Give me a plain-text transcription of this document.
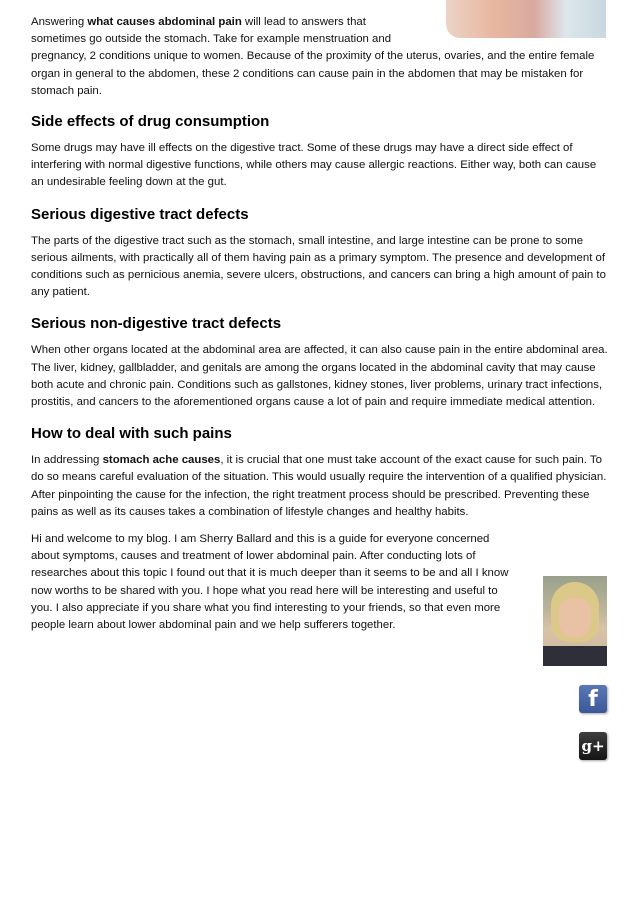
Answering what causes abdominal pain will lead to answers that sometimes go outside the stomach. Take for example menstruation and

pregnancy, 2 conditions unique to women. Because of the proximity of the uterus, ovaries, and the entire female organ in general to the abdomen, these 2 conditions can cause pain in the abdomen that may be mistaken for stomach pain.

Side effects of drug consumption

Some drugs may have ill effects on the digestive tract. Some of these drugs may have a direct side effect of interfering with normal digestive functions, while others may cause allergic reactions. Either way, both can cause an undesirable feeling down at the gut.

Serious digestive tract defects

The parts of the digestive tract such as the stomach, small intestine, and large intestine can be prone to some serious ailments, with practically all of them having pain as a primary symptom. The presence and development of conditions such as pernicious anemia, severe ulcers, obstructions, and cancers can bring a high amount of pain to any patient.

Serious non-digestive tract defects

When other organs located at the abdominal area are affected, it can also cause pain in the entire abdominal area. The liver, kidney, gallbladder, and genitals are among the organs located in the abdominal cavity that may cause both acute and chronic pain. Conditions such as gallstones, kidney stones, liver problems, urinary tract infections, prostitis, and cancers to the aforementioned organs cause a lot of pain and require immediate medical attention.

How to deal with such pains

In addressing stomach ache causes, it is crucial that one must take account of the exact cause for such pain. To do so means careful evaluation of the situation. This would usually require the intervention of a qualified physician. After pinpointing the cause for the infection, the right treatment process should be prescribed. Preventing these pains as well as its causes takes a combination of lifestyle changes and healthy habits.

Hi and welcome to my blog. I am Sherry Ballard and this is a guide for everyone concerned about symptoms, causes and treatment of lower abdominal pain. After conducting lots of researches about this topic I found out that it is much deeper than it seems to be and all I know now worths to be shared with you. I hope what you read here will be interesting and useful to you. I also appreciate if you share what you find interesting to your friends, so that even more people learn about lower abdominal pain and we help sufferers together.

f
g+
